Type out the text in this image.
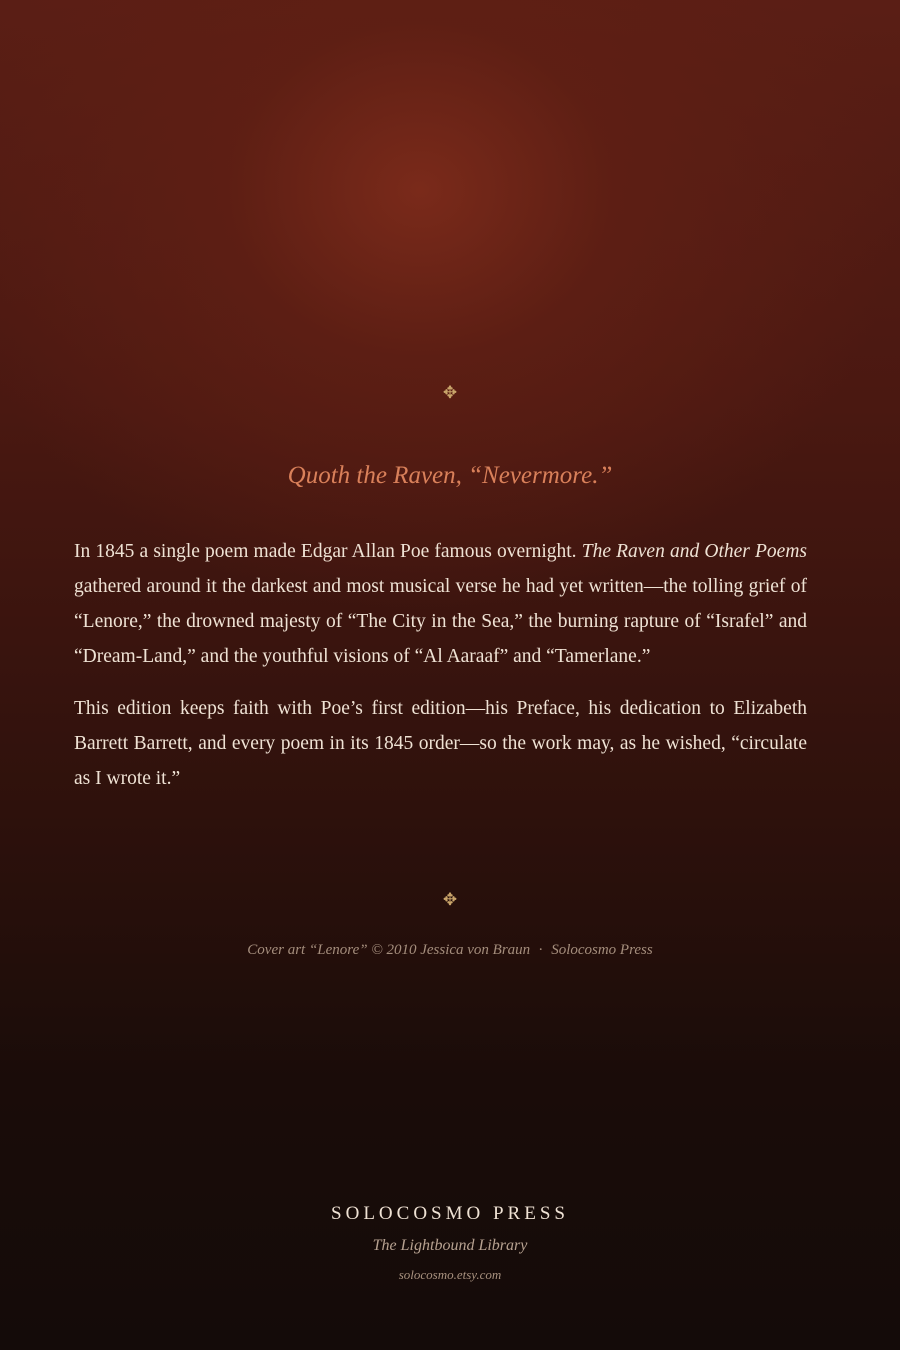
✥
Quoth the Raven, “Nevermore.”

In 1845 a single poem made Edgar Allan Poe famous overnight. The Raven and Other Poems gathered around it the darkest and most musical verse he had yet written—the tolling grief of “Lenore,” the drowned majesty of “The City in the Sea,” the burning rapture of “Israfel” and “Dream-Land,” and the youthful visions of “Al Aaraaf” and “Tamerlane.”

This edition keeps faith with Poe’s first edition—his Preface, his dedication to Elizabeth Barrett Barrett, and every poem in its 1845 order—so the work may, as he wished, “circulate as I wrote it.”

✥
Cover art “Lenore” © 2010 Jessica von Braun · Solocosmo Press
SOLOCOSMO PRESS
The Lightbound Library
solocosmo.etsy.com
